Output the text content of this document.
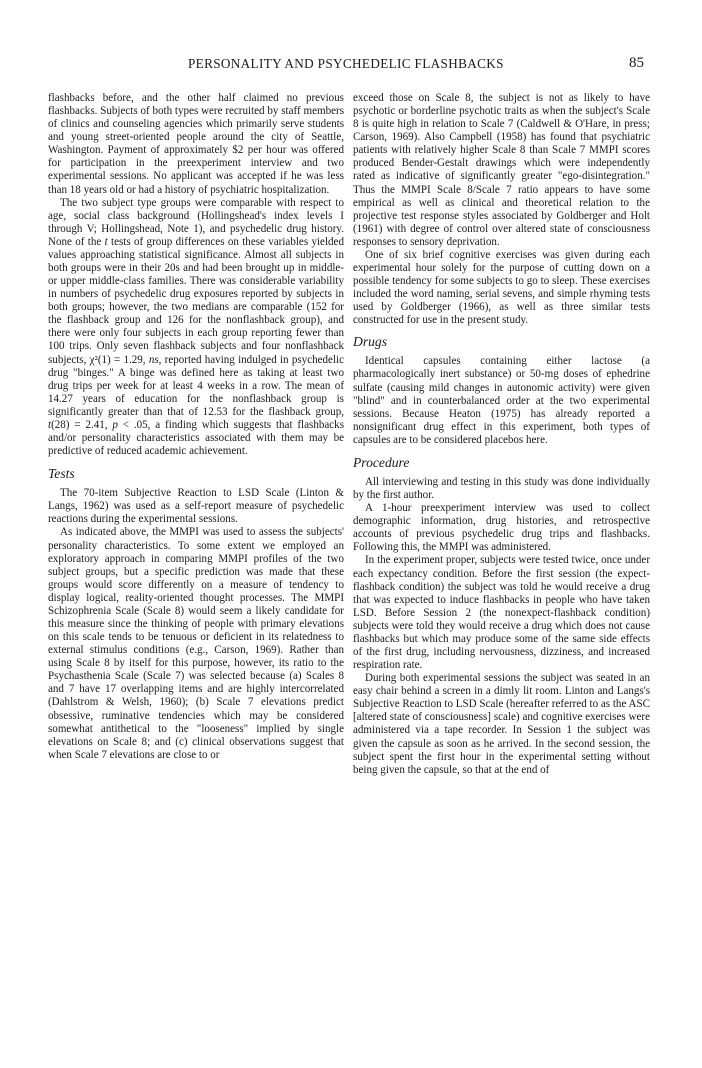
PERSONALITY AND PSYCHEDELIC FLASHBACKS	85

flashbacks before, and the other half claimed no previous flashbacks. Subjects of both types were recruited by staff members of clinics and counseling agencies which primarily serve students and young street-oriented people around the city of Seattle, Washington. Payment of approximately $2 per hour was offered for participation in the preexperiment interview and two experimental sessions. No applicant was accepted if he was less than 18 years old or had a history of psychiatric hospitalization.

The two subject type groups were comparable with respect to age, social class background (Hollingshead's index levels I through V; Hollingshead, Note 1), and psychedelic drug history. None of the t tests of group differences on these variables yielded values approaching statistical significance. Almost all subjects in both groups were in their 20s and had been brought up in middle- or upper middle-class families. There was considerable variability in numbers of psychedelic drug exposures reported by subjects in both groups; however, the two medians are comparable (152 for the flashback group and 126 for the nonflashback group), and there were only four subjects in each group reporting fewer than 100 trips. Only seven flashback subjects and four nonflashback subjects, χ²(1) = 1.29, ns, reported having indulged in psychedelic drug "binges." A binge was defined here as taking at least two drug trips per week for at least 4 weeks in a row. The mean of 14.27 years of education for the nonflashback group is significantly greater than that of 12.53 for the flashback group, t(28) = 2.41, p < .05, a finding which suggests that flashbacks and/or personality characteristics associated with them may be predictive of reduced academic achievement.

Tests

The 70-item Subjective Reaction to LSD Scale (Linton & Langs, 1962) was used as a self-report measure of psychedelic reactions during the experimental sessions.

As indicated above, the MMPI was used to assess the subjects' personality characteristics. To some extent we employed an exploratory approach in comparing MMPI profiles of the two subject groups, but a specific prediction was made that these groups would score differently on a measure of tendency to display logical, reality-oriented thought processes. The MMPI Schizophrenia Scale (Scale 8) would seem a likely candidate for this measure since the thinking of people with primary elevations on this scale tends to be tenuous or deficient in its relatedness to external stimulus conditions (e.g., Carson, 1969). Rather than using Scale 8 by itself for this purpose, however, its ratio to the Psychasthenia Scale (Scale 7) was selected because (a) Scales 8 and 7 have 17 overlapping items and are highly intercorrelated (Dahlstrom & Welsh, 1960); (b) Scale 7 elevations predict obsessive, ruminative tendencies which may be considered somewhat antithetical to the "looseness" implied by single elevations on Scale 8; and (c) clinical observations suggest that when Scale 7 elevations are close to or

exceed those on Scale 8, the subject is not as likely to have psychotic or borderline psychotic traits as when the subject's Scale 8 is quite high in relation to Scale 7 (Caldwell & O'Hare, in press; Carson, 1969). Also Campbell (1958) has found that psychiatric patients with relatively higher Scale 8 than Scale 7 MMPI scores produced Bender-Gestalt drawings which were independently rated as indicative of significantly greater "ego-disintegration." Thus the MMPI Scale 8/Scale 7 ratio appears to have some empirical as well as clinical and theoretical relation to the projective test response styles associated by Goldberger and Holt (1961) with degree of control over altered state of consciousness responses to sensory deprivation.

One of six brief cognitive exercises was given during each experimental hour solely for the purpose of cutting down on a possible tendency for some subjects to go to sleep. These exercises included the word naming, serial sevens, and simple rhyming tests used by Goldberger (1966), as well as three similar tests constructed for use in the present study.

Drugs

Identical capsules containing either lactose (a pharmacologically inert substance) or 50-mg doses of ephedrine sulfate (causing mild changes in autonomic activity) were given "blind" and in counterbalanced order at the two experimental sessions. Because Heaton (1975) has already reported a nonsignificant drug effect in this experiment, both types of capsules are to be considered placebos here.

Procedure

All interviewing and testing in this study was done individually by the first author.

A 1-hour preexperiment interview was used to collect demographic information, drug histories, and retrospective accounts of previous psychedelic drug trips and flashbacks. Following this, the MMPI was administered.

In the experiment proper, subjects were tested twice, once under each expectancy condition. Before the first session (the expect-flashback condition) the subject was told he would receive a drug that was expected to induce flashbacks in people who have taken LSD. Before Session 2 (the nonexpect-flashback condition) subjects were told they would receive a drug which does not cause flashbacks but which may produce some of the same side effects of the first drug, including nervousness, dizziness, and increased respiration rate.

During both experimental sessions the subject was seated in an easy chair behind a screen in a dimly lit room. Linton and Langs's Subjective Reaction to LSD Scale (hereafter referred to as the ASC [altered state of consciousness] scale) and cognitive exercises were administered via a tape recorder. In Session 1 the subject was given the capsule as soon as he arrived. In the second session, the subject spent the first hour in the experimental setting without being given the capsule, so that at the end of
